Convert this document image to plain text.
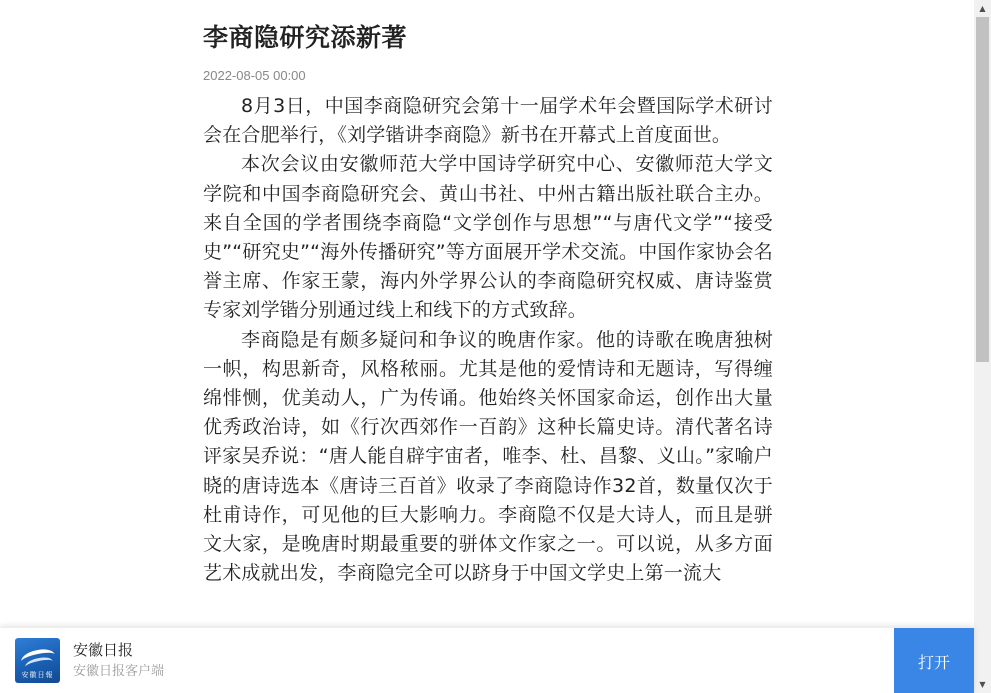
李商隐研究添新著
2022-08-05 00:00

8月3日，中国李商隐研究会第十一届学术年会暨国际学术研讨会在合肥举行，《刘学锴讲李商隐》新书在开幕式上首度面世。

本次会议由安徽师范大学中国诗学研究中心、安徽师范大学文学院和中国李商隐研究会、黄山书社、中州古籍出版社联合主办。来自全国的学者围绕李商隐“文学创作与思想”“与唐代文学”“接受史”“研究史”“海外传播研究”等方面展开学术交流。中国作家协会名誉主席、作家王蒙，海内外学界公认的李商隐研究权威、唐诗鉴赏专家刘学锴分别通过线上和线下的方式致辞。

李商隐是有颇多疑问和争议的晚唐作家。他的诗歌在晚唐独树一帜，构思新奇，风格秾丽。尤其是他的爱情诗和无题诗，写得缠绵悱恻，优美动人，广为传诵。他始终关怀国家命运，创作出大量优秀政治诗，如《行次西郊作一百韵》这种长篇史诗。清代著名诗评家吴乔说：“唐人能自辟宇宙者，唯李、杜、昌黎、义山。”家喻户晓的唐诗选本《唐诗三百首》收录了李商隐诗作32首，数量仅次于杜甫诗作，可见他的巨大影响力。李商隐不仅是大诗人，而且是骈文大家，是晚唐时期最重要的骈体文作家之一。可以说，从多方面艺术成就出发，李商隐完全可以跻身于中国文学史上第一流大

▲
▼
安徽日報
安徽日报
安徽日报客户端	打开
